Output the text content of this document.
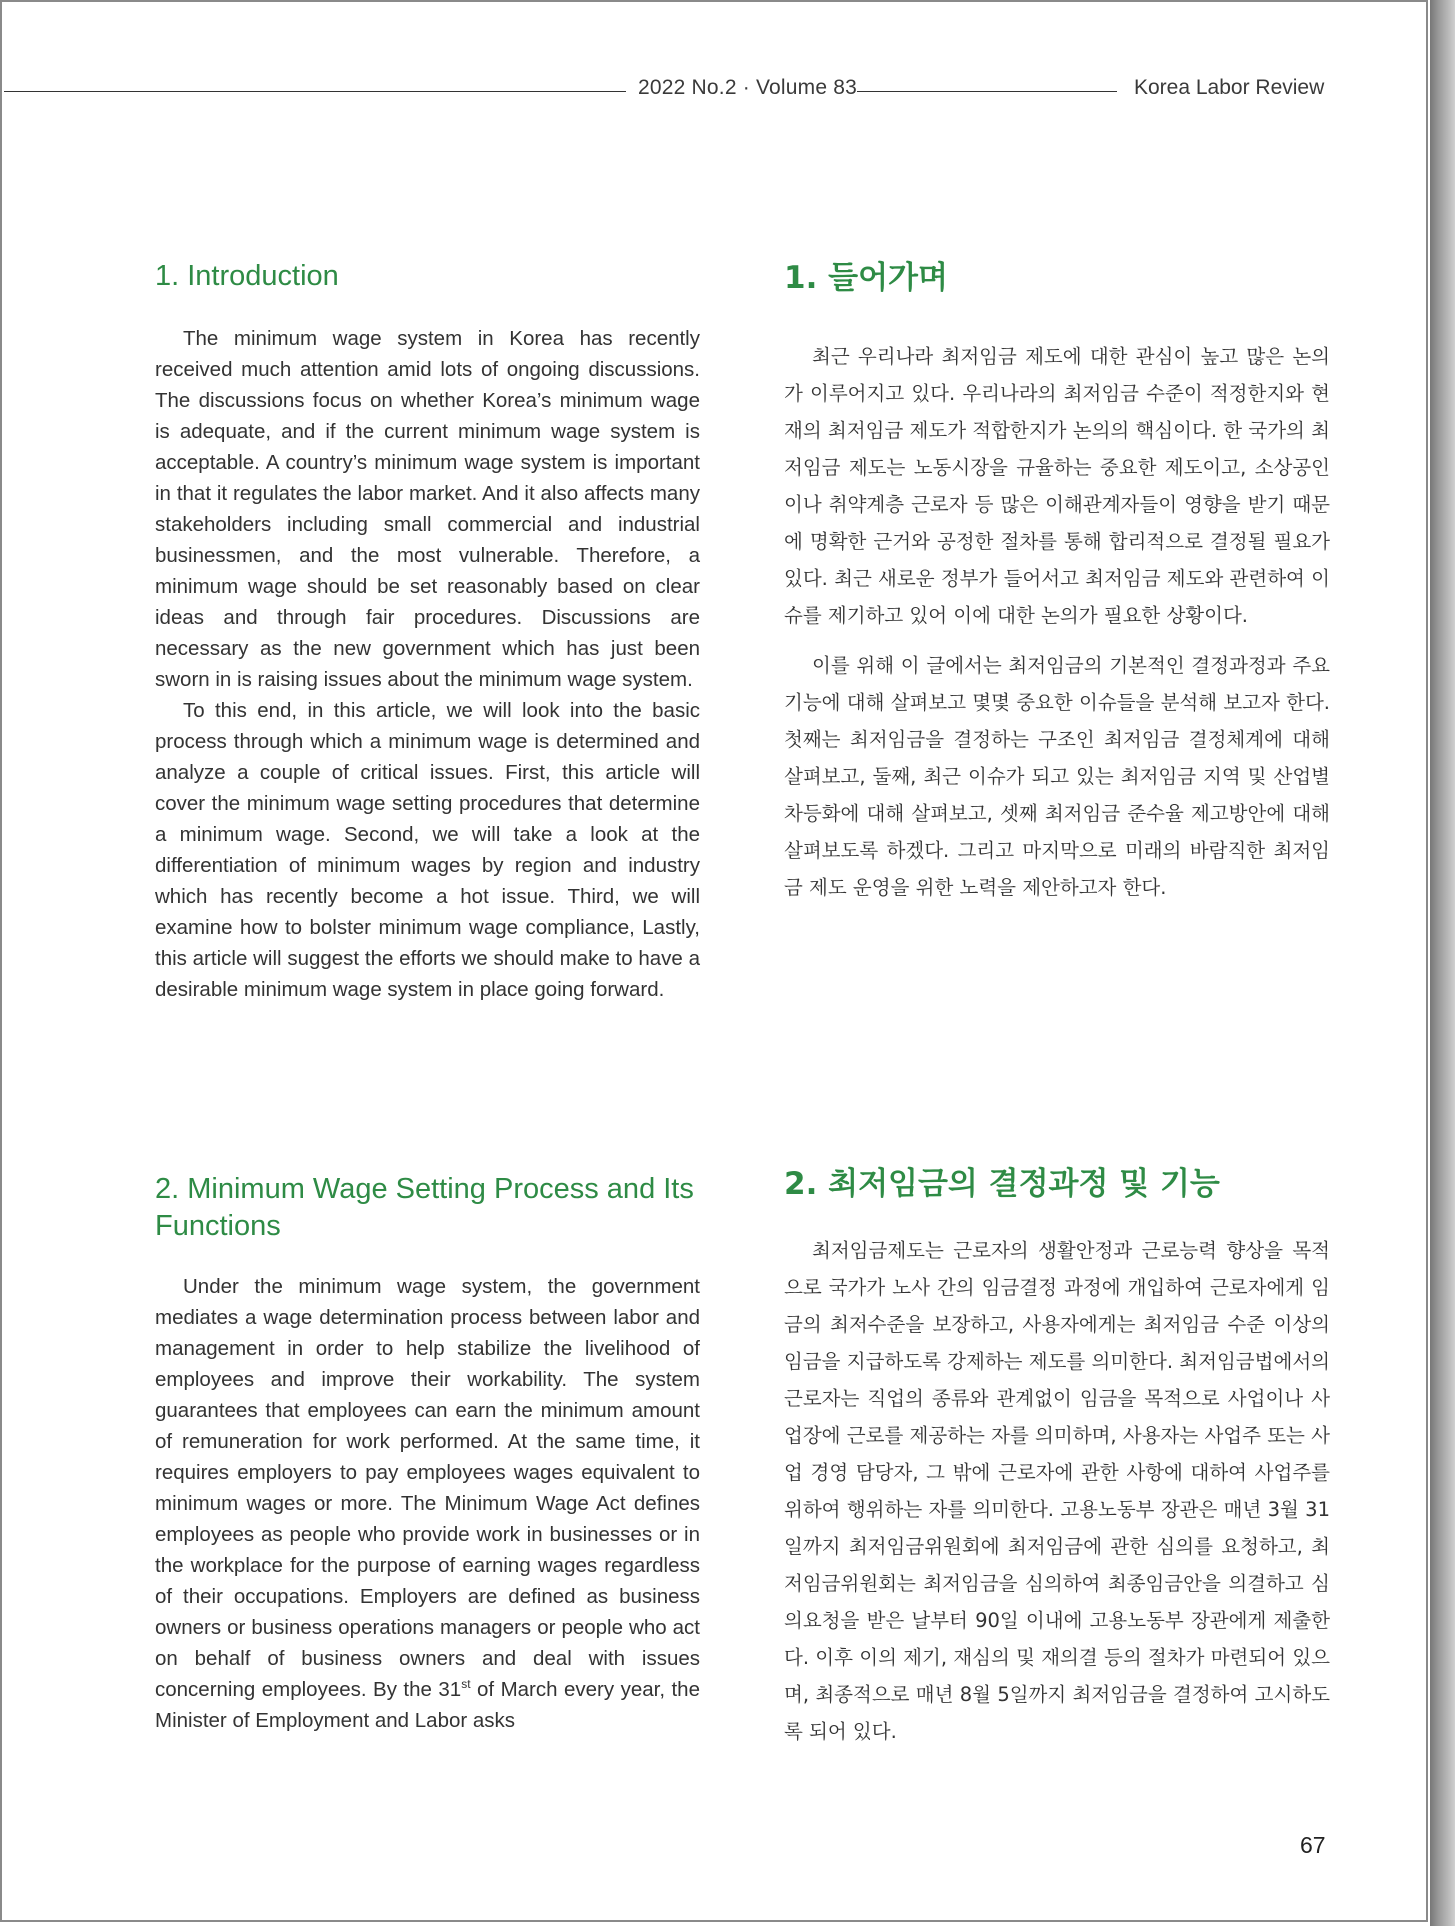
2022 No.2 · Volume 83	Korea Labor Review
1. Introduction

The minimum wage system in Korea has recently received much attention amid lots of ongoing discussions. The discussions focus on whether Korea’s minimum wage is adequate, and if the current minimum wage system is acceptable. A country’s minimum wage system is important in that it regulates the labor market. And it also affects many stakeholders including small commercial and industrial businessmen, and the most vulnerable. Therefore, a minimum wage should be set reasonably based on clear ideas and through fair procedures. Discussions are necessary as the new government which has just been sworn in is raising issues about the minimum wage system.

To this end, in this article, we will look into the basic process through which a minimum wage is determined and analyze a couple of critical issues. First, this article will cover the minimum wage setting procedures that determine a minimum wage. Second, we will take a look at the differentiation of minimum wages by region and industry which has recently become a hot issue. Third, we will examine how to bolster minimum wage compliance, Lastly, this article will suggest the efforts we should make to have a desirable minimum wage system in place going forward.

1. 들어가며

최근 우리나라 최저임금 제도에 대한 관심이 높고 많은 논의가 이루어지고 있다. 우리나라의 최저임금 수준이 적정한지와 현재의 최저임금 제도가 적합한지가 논의의 핵심이다. 한 국가의 최저임금 제도는 노동시장을 규율하는 중요한 제도이고, 소상공인이나 취약계층 근로자 등 많은 이해관계자들이 영향을 받기 때문에 명확한 근거와 공정한 절차를 통해 합리적으로 결정될 필요가 있다. 최근 새로운 정부가 들어서고 최저임금 제도와 관련하여 이슈를 제기하고 있어 이에 대한 논의가 필요한 상황이다.

이를 위해 이 글에서는 최저임금의 기본적인 결정과정과 주요 기능에 대해 살펴보고 몇몇 중요한 이슈들을 분석해 보고자 한다. 첫째는 최저임금을 결정하는 구조인 최저임금 결정체계에 대해 살펴보고, 둘째, 최근 이슈가 되고 있는 최저임금 지역 및 산업별 차등화에 대해 살펴보고, 셋째 최저임금 준수율 제고방안에 대해 살펴보도록 하겠다. 그리고 마지막으로 미래의 바람직한 최저임금 제도 운영을 위한 노력을 제안하고자 한다.

2. Minimum Wage Setting Process and Its Functions

Under the minimum wage system, the government mediates a wage determination process between labor and management in order to help stabilize the livelihood of employees and improve their workability. The system guarantees that employees can earn the minimum amount of remuneration for work performed. At the same time, it requires employers to pay employees wages equivalent to minimum wages or more. The Minimum Wage Act defines employees as people who provide work in businesses or in the workplace for the purpose of earning wages regardless of their occupations. Employers are defined as business owners or business operations managers or people who act on behalf of business owners and deal with issues concerning employees. By the 31st of March every year, the Minister of Employment and Labor asks

2. 최저임금의 결정과정 및 기능

최저임금제도는 근로자의 생활안정과 근로능력 향상을 목적으로 국가가 노사 간의 임금결정 과정에 개입하여 근로자에게 임금의 최저수준을 보장하고, 사용자에게는 최저임금 수준 이상의 임금을 지급하도록 강제하는 제도를 의미한다. 최저임금법에서의 근로자는 직업의 종류와 관계없이 임금을 목적으로 사업이나 사업장에 근로를 제공하는 자를 의미하며, 사용자는 사업주 또는 사업 경영 담당자, 그 밖에 근로자에 관한 사항에 대하여 사업주를 위하여 행위하는 자를 의미한다. 고용노동부 장관은 매년 3월 31일까지 최저임금위원회에 최저임금에 관한 심의를 요청하고, 최저임금위원회는 최저임금을 심의하여 최종임금안을 의결하고 심의요청을 받은 날부터 90일 이내에 고용노동부 장관에게 제출한다. 이후 이의 제기, 재심의 및 재의결 등의 절차가 마련되어 있으며, 최종적으로 매년 8월 5일까지 최저임금을 결정하여 고시하도록 되어 있다.

67
